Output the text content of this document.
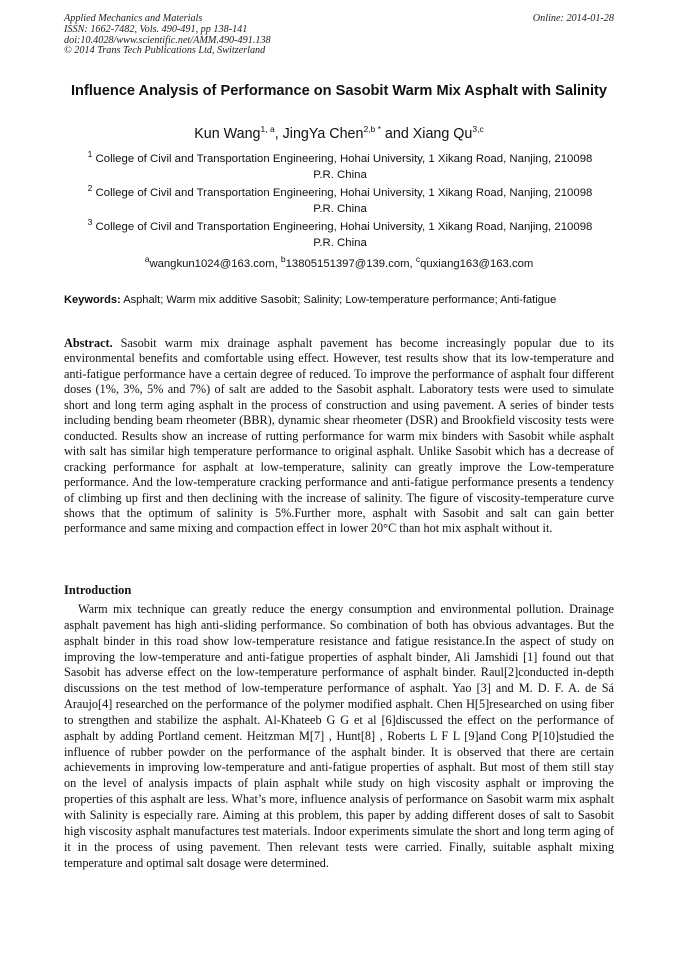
Applied Mechanics and Materials
ISSN: 1662-7482, Vols. 490-491, pp 138-141
doi:10.4028/www.scientific.net/AMM.490-491.138
© 2014 Trans Tech Publications Ltd, Switzerland
Online: 2014-01-28
Influence Analysis of Performance on Sasobit Warm Mix Asphalt with Salinity
Kun Wang$^{1, a}$, JingYa Chen$^{2,b *}$ and Xiang Qu$^{3,c}$
$^1$ College of Civil and Transportation Engineering, Hohai University, 1 Xikang Road, Nanjing, 210098 P.R. China
$^2$ College of Civil and Transportation Engineering, Hohai University, 1 Xikang Road, Nanjing, 210098 P.R. China
$^3$ College of Civil and Transportation Engineering, Hohai University, 1 Xikang Road, Nanjing, 210098 P.R. China
$^a$wangkun1024@163.com, $^b$13805151397@139.com, $^c$quxiang163@163.com
Keywords: Asphalt; Warm mix additive Sasobit; Salinity; Low-temperature performance; Anti-fatigue
Abstract. Sasobit warm mix drainage asphalt pavement has become increasingly popular due to its environmental benefits and comfortable using effect. However, test results show that its low-temperature and anti-fatigue performance have a certain degree of reduced. To improve the performance of asphalt four different doses (1%, 3%, 5% and 7%) of salt are added to the Sasobit asphalt. Laboratory tests were used to simulate short and long term aging asphalt in the process of construction and using pavement. A series of binder tests including bending beam rheometer (BBR), dynamic shear rheometer (DSR) and Brookfield viscosity tests were conducted. Results show an increase of rutting performance for warm mix binders with Sasobit while asphalt with salt has similar high temperature performance to original asphalt. Unlike Sasobit which has a decrease of cracking performance for asphalt at low-temperature, salinity can greatly improve the Low-temperature performance. And the low-temperature cracking performance and anti-fatigue performance presents a tendency of climbing up first and then declining with the increase of salinity. The figure of viscosity-temperature curve shows that the optimum of salinity is 5%.Further more, asphalt with Sasobit and salt can gain better performance and same mixing and compaction effect in lower 20°C than hot mix asphalt without it.
Introduction
Warm mix technique can greatly reduce the energy consumption and environmental pollution. Drainage asphalt pavement has high anti-sliding performance. So combination of both has obvious advantages. But the asphalt binder in this road show low-temperature resistance and fatigue resistance.In the aspect of study on improving the low-temperature and anti-fatigue properties of asphalt binder, Ali Jamshidi [1] found out that Sasobit has adverse effect on the low-temperature performance of asphalt binder. Raul[2]conducted in-depth discussions on the test method of low-temperature performance of asphalt. Yao [3] and M. D. F. A. de Sá Araujo[4] researched on the performance of the polymer modified asphalt. Chen H[5]researched on using fiber to strengthen and stabilize the asphalt. Al-Khateeb G G et al [6]discussed the effect on the performance of asphalt by adding Portland cement. Heitzman M[7] , Hunt[8] , Roberts L F L [9]and Cong P[10]studied the influence of rubber powder on the performance of the asphalt binder. It is observed that there are certain achievements in improving low-temperature and anti-fatigue properties of asphalt. But most of them still stay on the level of analysis impacts of plain asphalt while study on high viscosity asphalt or improving the properties of this asphalt are less. What’s more, influence analysis of performance on Sasobit warm mix asphalt with Salinity is especially rare. Aiming at this problem, this paper by adding different doses of salt to Sasobit high viscosity asphalt manufactures test materials. Indoor experiments simulate the short and long term aging of it in the process of using pavement. Then relevant tests were carried. Finally, suitable asphalt mixing temperature and optimal salt dosage were determined.
